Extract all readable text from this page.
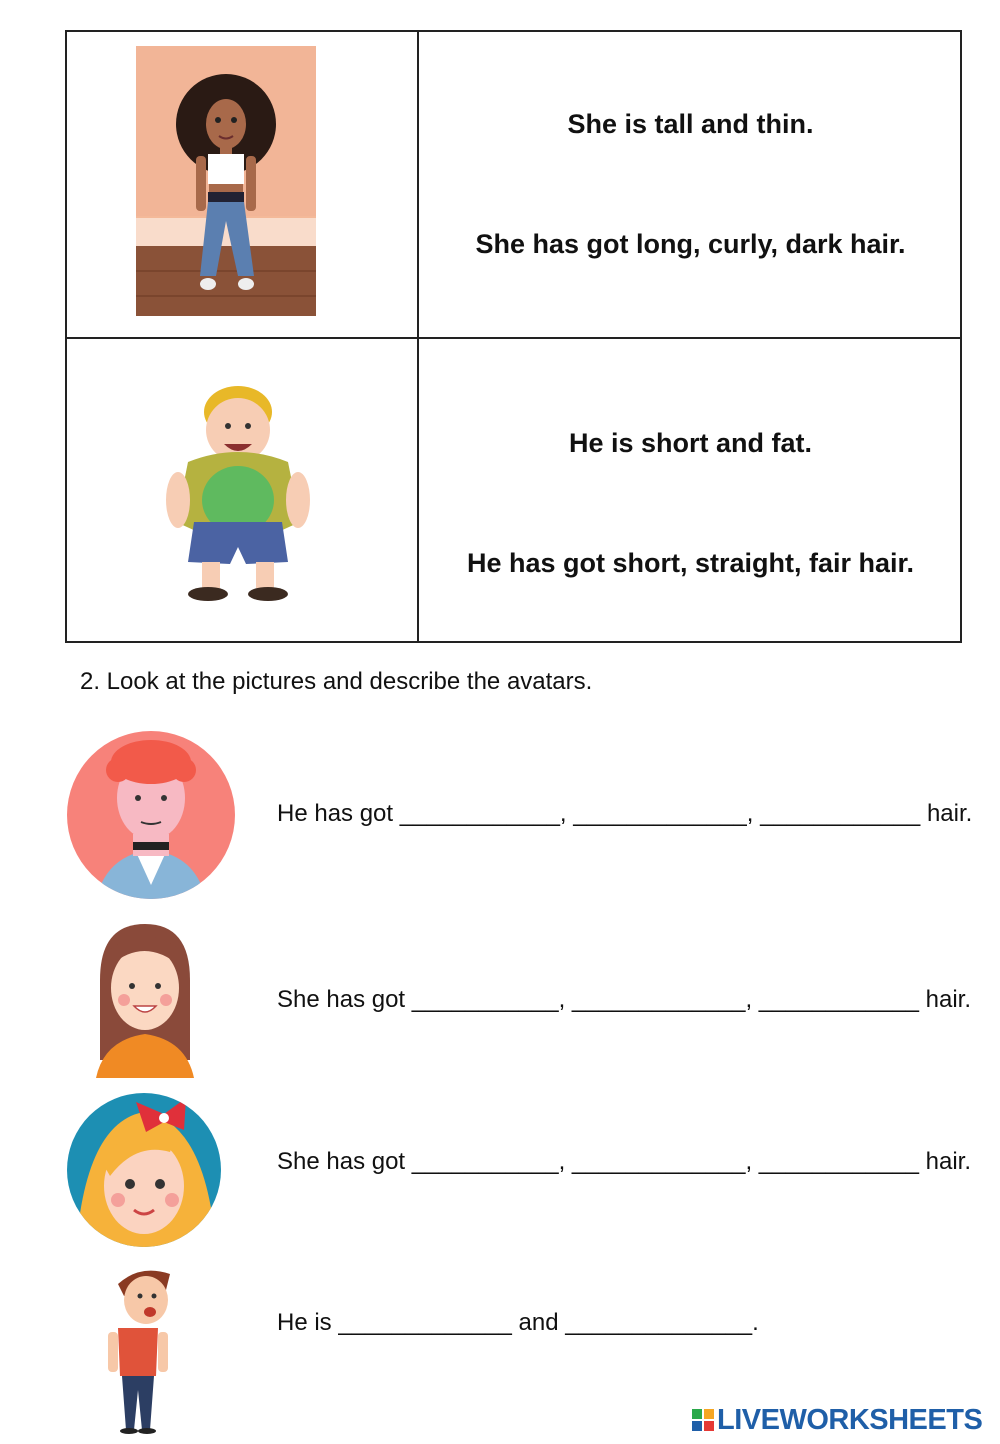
She is tall and thin.
She has got long, curly, dark hair.
He is short and fat.
He has got short, straight, fair hair.
2. Look at the pictures and describe the avatars.
He has got ____________, _____________, ____________ hair.
She has got ___________, _____________, ____________ hair.
She has got ___________, _____________, ____________ hair.
He is _____________ and ______________.
LIVEWORKSHEETS
